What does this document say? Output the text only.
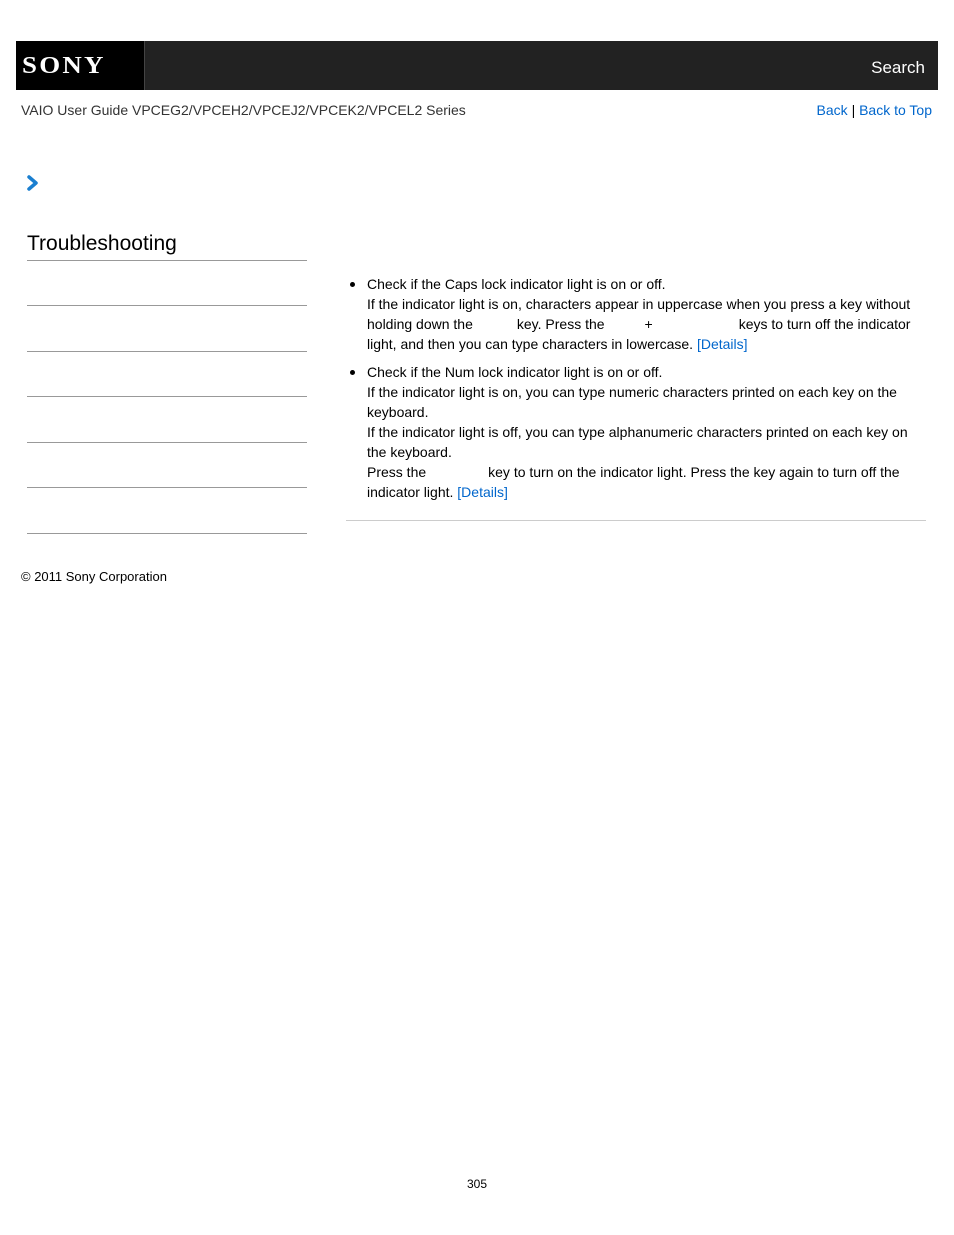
SONY	Search
VAIO User Guide VPCEG2/VPCEH2/VPCEJ2/VPCEK2/VPCEL2 Series	Back | Back to Top
Troubleshooting

Check if the Caps lock indicator light is on or off.

If the indicator light is on, characters appear in uppercase when you press a key without

holding down the	key. Press the	+	keys to turn off the indicator

light, and then you can type characters in lowercase. [Details]

Check if the Num lock indicator light is on or off.

If the indicator light is on, you can type numeric characters printed on each key on the keyboard.

If the indicator light is off, you can type alphanumeric characters printed on each key on the keyboard.

Press the	key to turn on the indicator light. Press the key again to turn off the

indicator light. [Details]

© 2011 Sony Corporation
305
